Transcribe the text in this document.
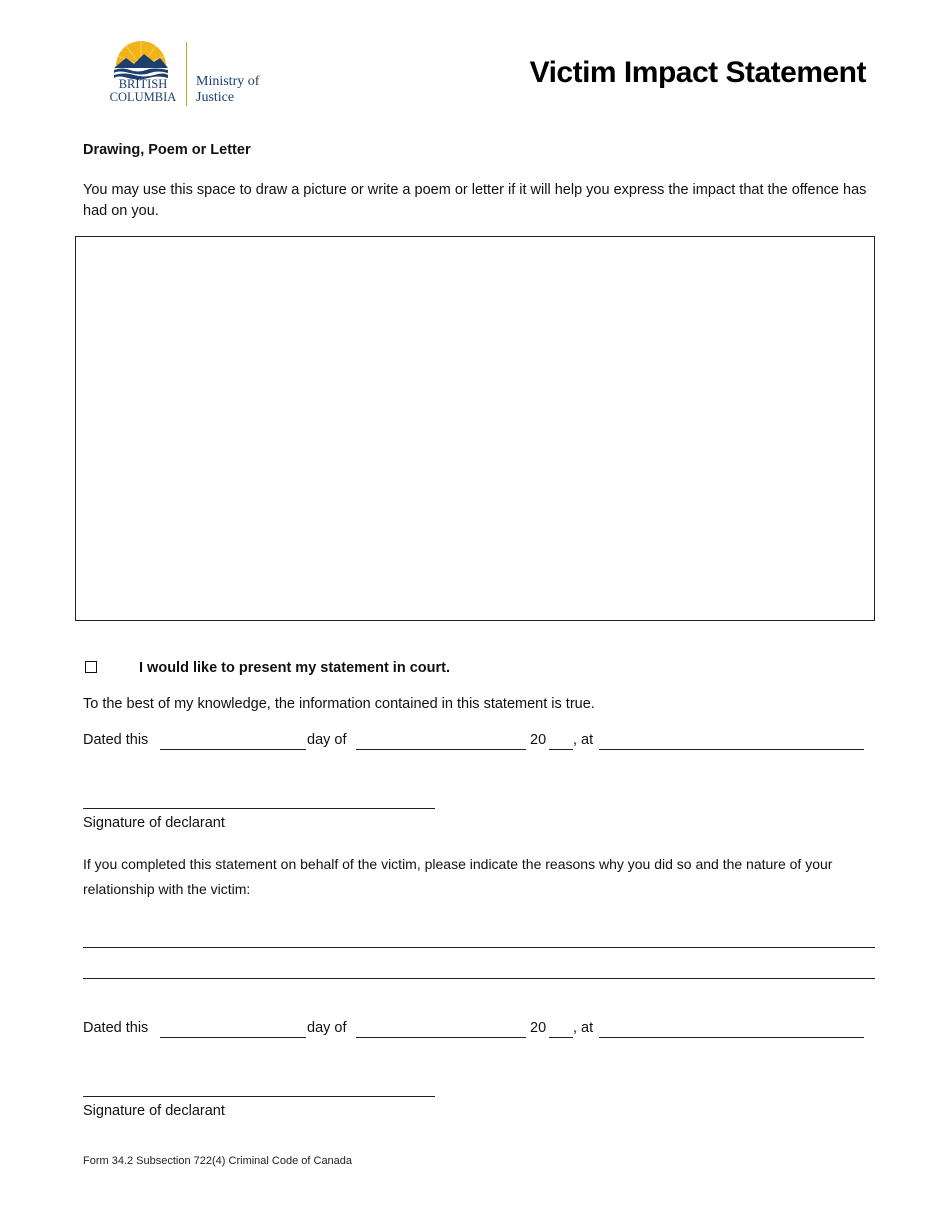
BRITISH
COLUMBIA
Ministry of
Justice
Victim Impact Statement
Drawing, Poem or Letter
You may use this space to draw a picture or write a poem or letter if it will help you express the impact that the offence has had on you.
I would like to present my statement in court.
To the best of my knowledge, the information contained in this statement is true.
Dated this	day of	20 , at
Signature of declarant
If you completed this statement on behalf of the victim, please indicate the reasons why you did so and the nature of your relationship with the victim:
Dated this	day of	20 , at
Signature of declarant
Form 34.2 Subsection 722(4) Criminal Code of Canada
